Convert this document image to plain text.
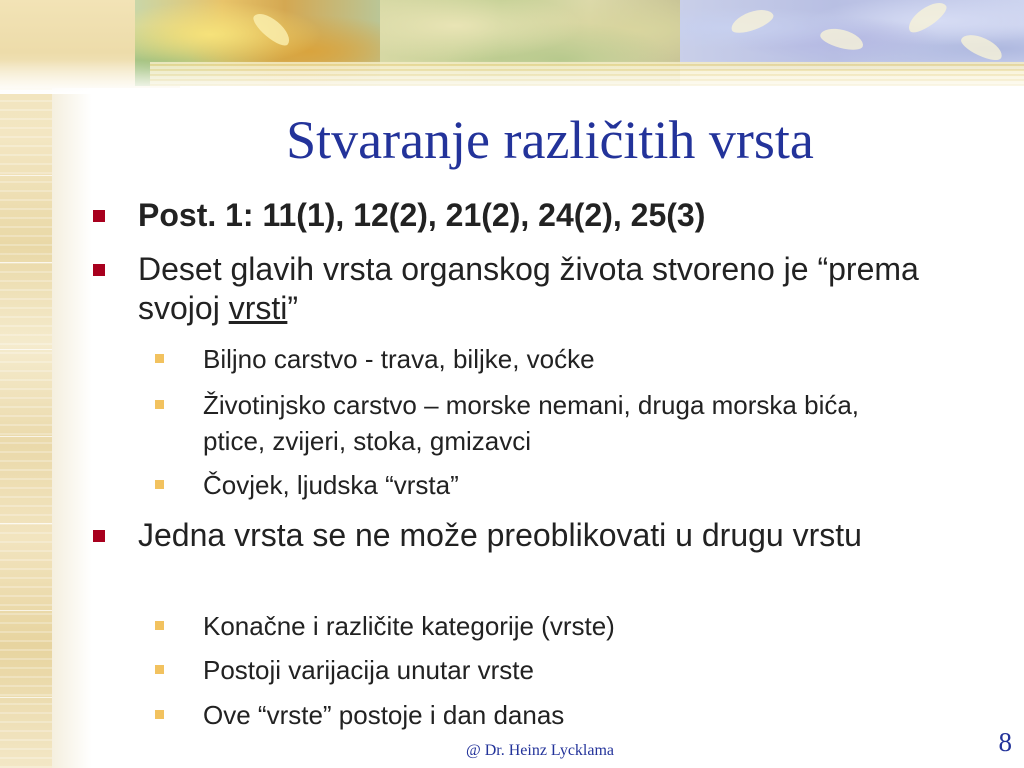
Stvaranje različitih vrsta
Post. 1: 11(1), 12(2), 21(2), 24(2), 25(3)
Deset glavih vrsta organskog života stvoreno je “prema svojoj vrsti”
Biljno carstvo - trava, biljke, voćke
Životinjsko carstvo – morske nemani, druga morska bića, ptice, zvijeri, stoka, gmizavci
Čovjek, ljudska “vrsta”
Jedna vrsta se ne može preoblikovati u drugu vrstu
Konačne i različite kategorije (vrste)
Postoji varijacija unutar vrste
Ove “vrste” postoje i dan danas
@ Dr. Heinz Lycklama	8
